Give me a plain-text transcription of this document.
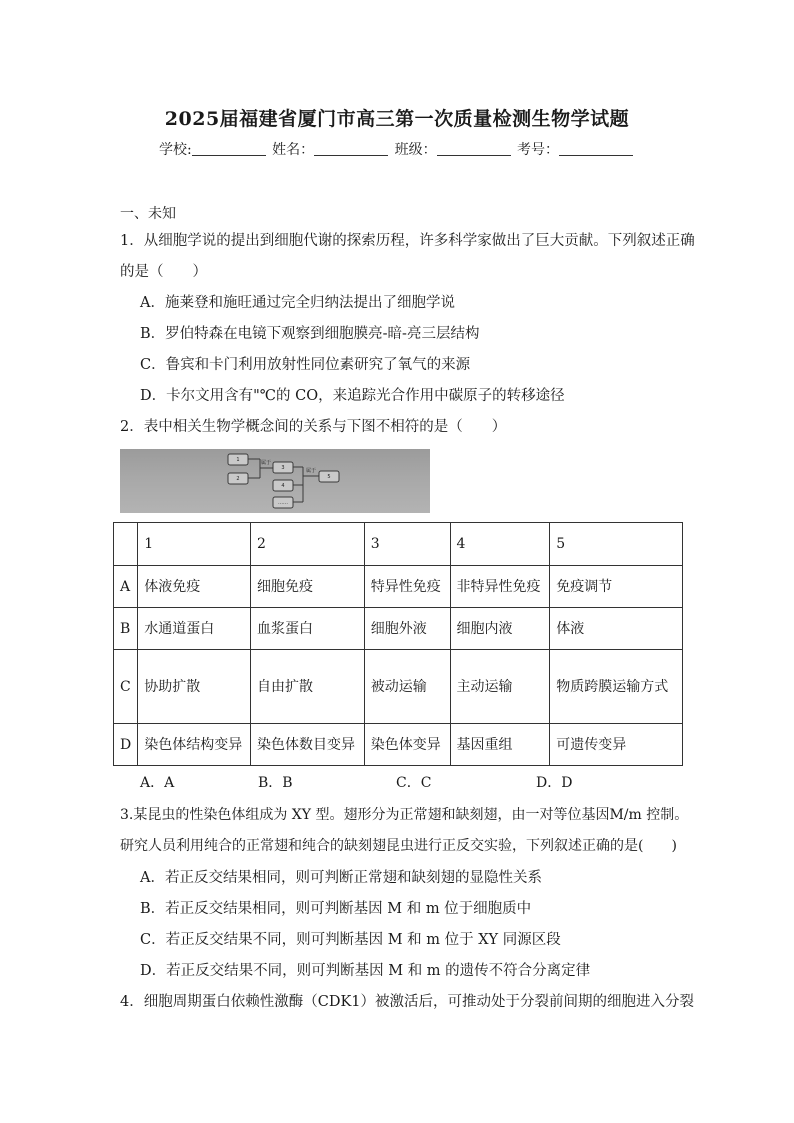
2025届福建省厦门市高三第一次质量检测生物学试题
学校:	姓名：	班级：	考号：
一、未知
1．从细胞学说的提出到细胞代谢的探索历程，许多科学家做出了巨大贡献。下列叙述正确
的是（　　）
A．施莱登和施旺通过完全归纳法提出了细胞学说
B．罗伯特森在电镜下观察到细胞膜亮-暗-亮三层结构
C．鲁宾和卡门利用放射性同位素研究了氧气的来源
D．卡尔文用含有"℃的 CO，来追踪光合作用中碳原子的转移途径
2．表中相关生物学概念间的关系与下图不相符的是（　　）
1
2
3
4
……
5
属于
属于
	1	2	3	4	5
A	体液免疫	细胞免疫	特异性免疫	非特异性免疫	免疫调节
B	水通道蛋白	血浆蛋白	细胞外液	细胞内液	体液
C	协助扩散	自由扩散	被动运输	主动运输	物质跨膜运输方式
D	染色体结构变异	染色体数目变异	染色体变异	基因重组	可遗传变异
A．A	B．B	C．C	D．D
3.某昆虫的性染色体组成为 XY 型。翅形分为正常翅和缺刻翅，由一对等位基因M/m 控制。
研究人员利用纯合的正常翅和纯合的缺刻翅昆虫进行正反交实验，下列叙述正确的是(　　)
A．若正反交结果相同，则可判断正常翅和缺刻翅的显隐性关系
B．若正反交结果相同，则可判断基因 M 和 m 位于细胞质中
C．若正反交结果不同，则可判断基因 M 和 m 位于 XY 同源区段
D．若正反交结果不同，则可判断基因 M 和 m 的遗传不符合分离定律
4．细胞周期蛋白依赖性激酶（CDK1）被激活后，可推动处于分裂前间期的细胞进入分裂
